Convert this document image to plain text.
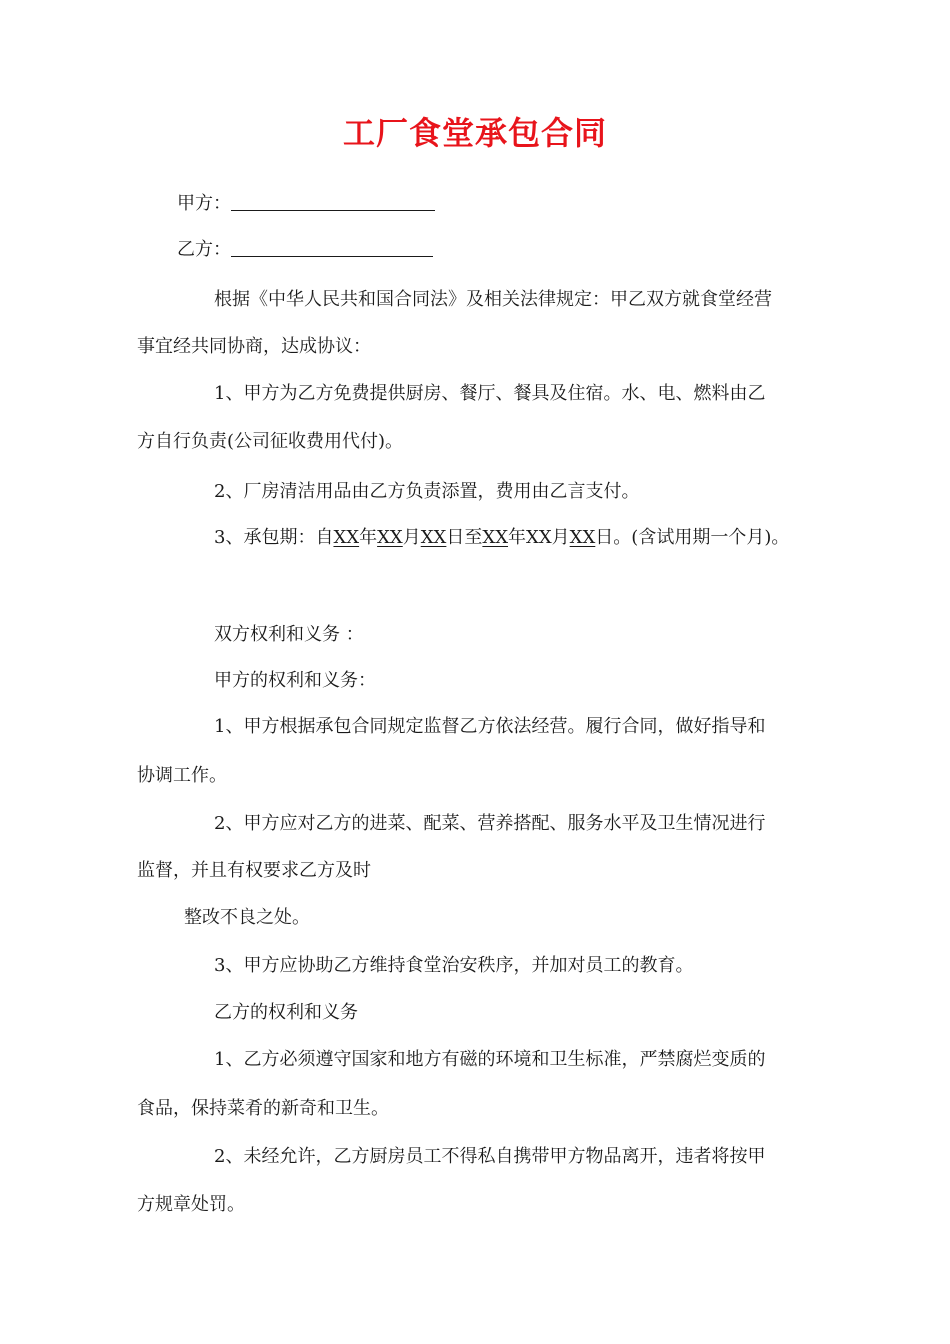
工厂食堂承包合同
甲方：
乙方：
根据《中华人民共和国合同法》及相关法律规定：甲乙双方就食堂经营
事宜经共同协商，达成协议：
1、甲方为乙方免费提供厨房、餐厅、餐具及住宿。水、电、燃料由乙
方自行负责(公司征收费用代付)。
2、厂房清洁用品由乙方负责添置，费用由乙言支付。
3、承包期：自XX年XX月XX日至XX年XX月XX日。(含试用期一个月)。
双方权利和义务 ：
甲方的权利和义务：
1、甲方根据承包合同规定监督乙方依法经营。履行合同，做好指导和
协调工作。
2、甲方应对乙方的进菜、配菜、营养搭配、服务水平及卫生情况进行
监督，并且有权要求乙方及时
整改不良之处。
3、甲方应协助乙方维持食堂治安秩序，并加对员工的教育。
乙方的权利和义务
1、乙方必须遵守国家和地方有磁的环境和卫生标准，严禁腐烂变质的
食品，保持菜肴的新奇和卫生。
2、未经允许，乙方厨房员工不得私自携带甲方物品离开，违者将按甲
方规章处罚。
